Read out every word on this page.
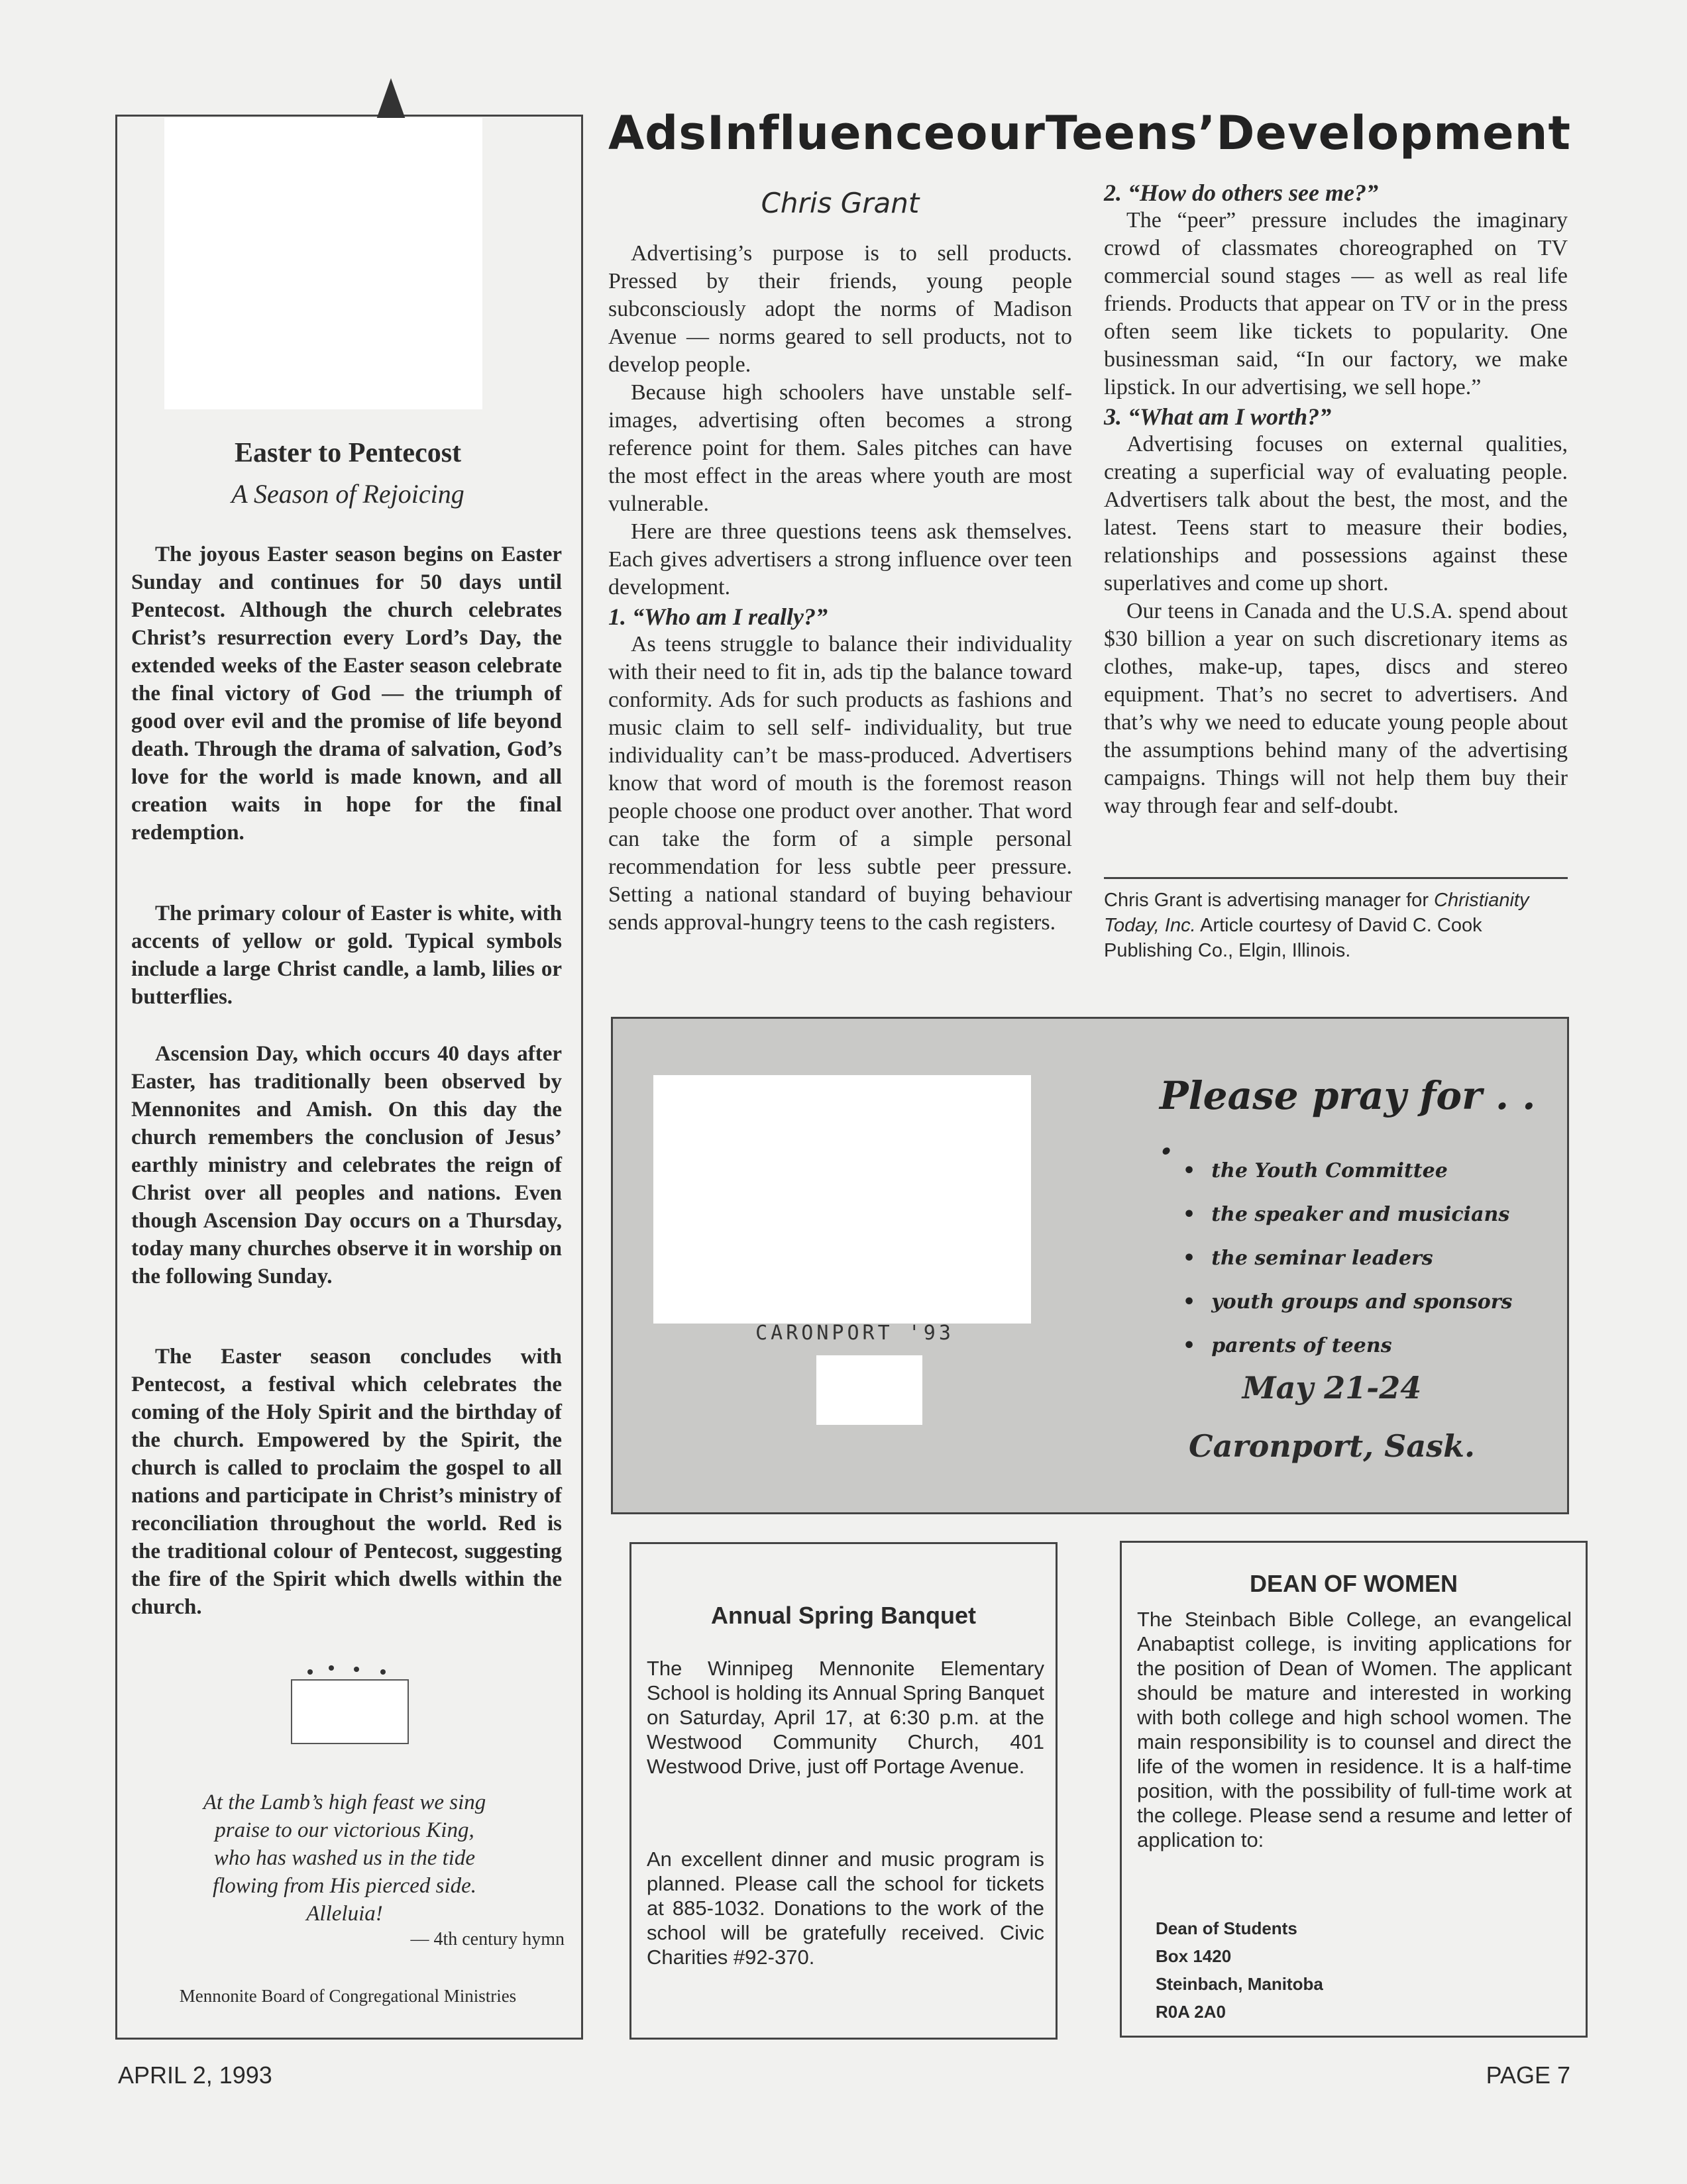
Easter to Pentecost
A Season of Rejoicing

The joyous Easter season begins on Easter Sunday and continues for 50 days until Pentecost. Although the church celebrates Christ’s resurrection every Lord’s Day, the extended weeks of the Easter season celebrate the final victory of God — the triumph of good over evil and the promise of life beyond death. Through the drama of salvation, God’s love for the world is made known, and all creation waits in hope for the final redemption.

The primary colour of Easter is white, with accents of yellow or gold. Typical symbols include a large Christ candle, a lamb, lilies or butterflies.

Ascension Day, which occurs 40 days after Easter, has traditionally been observed by Mennonites and Amish. On this day the church remembers the conclusion of Jesus’ earthly ministry and celebrates the reign of Christ over all peoples and nations. Even though Ascension Day occurs on a Thursday, today many churches observe it in worship on the following Sunday.

The Easter season concludes with Pentecost, a festival which celebrates the coming of the Holy Spirit and the birthday of the church. Empowered by the Spirit, the church is called to proclaim the gospel to all nations and participate in Christ’s ministry of reconciliation throughout the world. Red is the traditional colour of Pentecost, suggesting the fire of the Spirit which dwells within the church.

At the Lamb’s high feast we sing
praise to our victorious King,
who has washed us in the tide
flowing from His pierced side.
Alleluia!

— 4th century hymn
Mennonite Board of Congregational Ministries
Ads Influence our Teens’ Development
Chris Grant

Advertising’s purpose is to sell products. Pressed by their friends, young people subconsciously adopt the norms of Madison Avenue — norms geared to sell products, not to develop people.

Because high schoolers have unstable self-images, advertising often becomes a strong reference point for them. Sales pitches can have the most effect in the areas where youth are most vulnerable.

Here are three questions teens ask themselves. Each gives advertisers a strong influence over teen development.

1. “Who am I really?”

As teens struggle to balance their individuality with their need to fit in, ads tip the balance toward conformity. Ads for such products as fashions and music claim to sell self- individuality, but true individuality can’t be mass-produced. Advertisers know that word of mouth is the foremost reason people choose one product over another. That word can take the form of a simple personal recommendation for less subtle peer pressure. Setting a national standard of buying behaviour sends approval-hungry teens to the cash registers.

2. “How do others see me?”

The “peer” pressure includes the imaginary crowd of classmates choreographed on TV commercial sound stages — as well as real life friends. Products that appear on TV or in the press often seem like tickets to popularity. One businessman said, “In our factory, we make lipstick. In our advertising, we sell hope.”

3. “What am I worth?”

Advertising focuses on external qualities, creating a superficial way of evaluating people. Advertisers talk about the best, the most, and the latest. Teens start to measure their bodies, relationships and possessions against these superlatives and come up short.

Our teens in Canada and the U.S.A. spend about $30 billion a year on such discretionary items as clothes, make-up, tapes, discs and stereo equipment. That’s no secret to advertisers. And that’s why we need to educate young people about the assumptions behind many of the advertising campaigns. Things will not help them buy their way through fear and self-doubt.

Chris Grant is advertising manager for Christianity Today, Inc. Article courtesy of David C. Cook Publishing Co., Elgin, Illinois.

CARONPORT '93
Please pray for . . .
• the Youth Committee
• the speaker and musicians
• the seminar leaders
• youth groups and sponsors
• parents of teens
May 21-24
Caronport, Sask.
Annual Spring Banquet

The Winnipeg Mennonite Elementary School is holding its Annual Spring Banquet on Saturday, April 17, at 6:30 p.m. at the Westwood Community Church, 401 Westwood Drive, just off Portage Avenue.

An excellent dinner and music program is planned. Please call the school for tickets at 885-1032. Donations to the work of the school will be gratefully received. Civic Charities #92-370.

DEAN OF WOMEN

The Steinbach Bible College, an evangelical Anabaptist college, is inviting applications for the position of Dean of Women. The applicant should be mature and interested in working with both college and high school women. The main responsibility is to counsel and direct the life of the women in residence. It is a half-time position, with the possibility of full-time work at the college. Please send a resume and letter of application to:

Dean of Students
Box 1420
Steinbach, Manitoba
R0A 2A0
APRIL 2, 1993	PAGE 7
